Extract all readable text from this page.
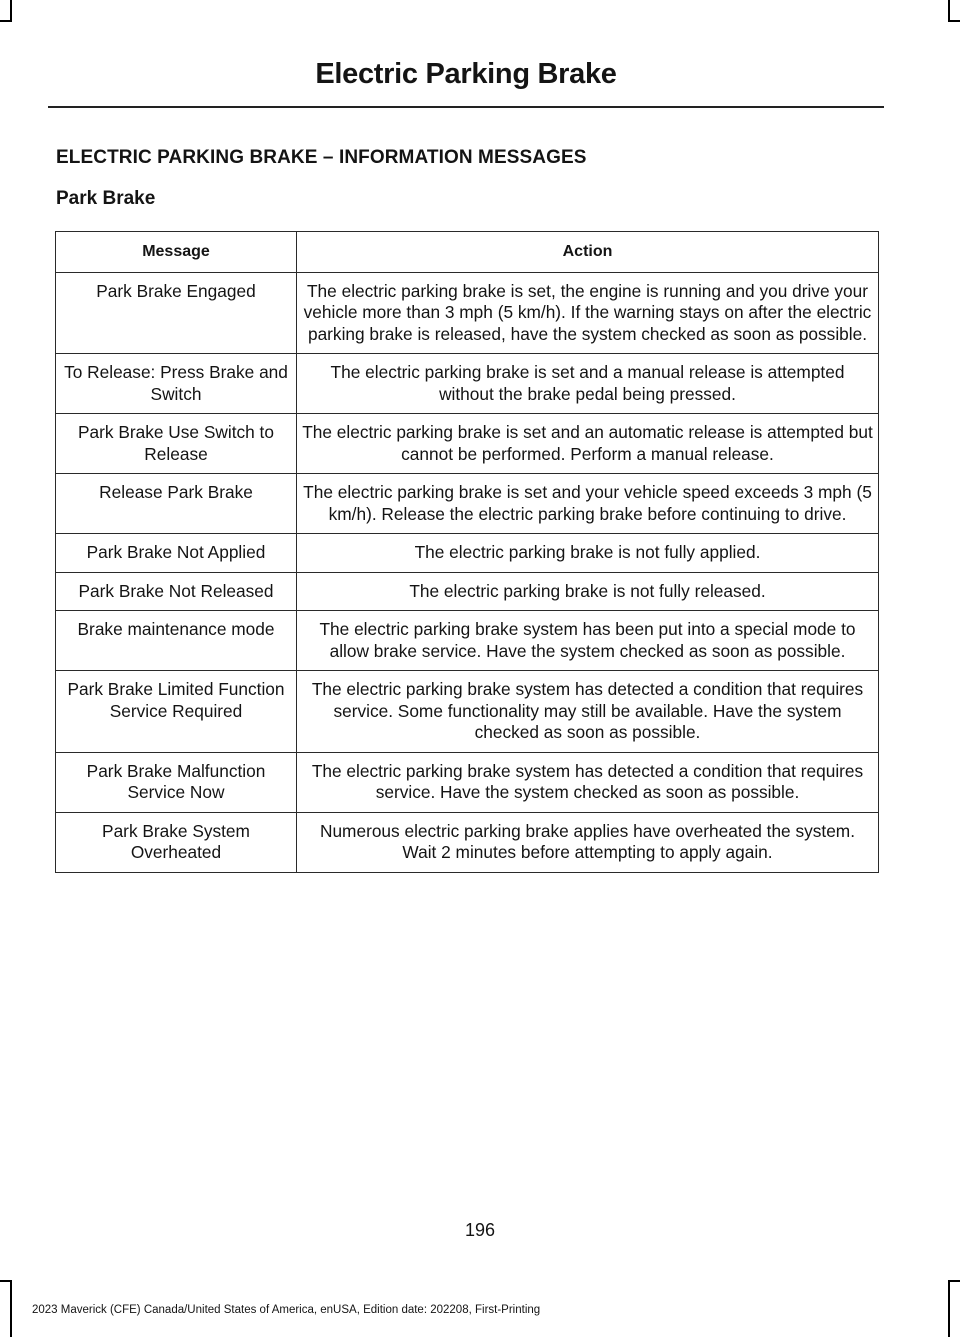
Electric Parking Brake
ELECTRIC PARKING BRAKE – INFORMATION MESSAGES
Park Brake
Message	Action
Park Brake Engaged	The electric parking brake is set, the engine is running and you drive your vehicle more than 3 mph (5 km/h). If the warning stays on after the electric parking brake is released, have the system checked as soon as possible.
To Release: Press Brake and Switch	The electric parking brake is set and a manual release is attempted without the brake pedal being pressed.
Park Brake Use Switch to Release	The electric parking brake is set and an automatic release is attempted but cannot be performed. Perform a manual release.
Release Park Brake	The electric parking brake is set and your vehicle speed exceeds 3 mph (5 km/h). Release the electric parking brake before continuing to drive.
Park Brake Not Applied	The electric parking brake is not fully applied.
Park Brake Not Released	The electric parking brake is not fully released.
Brake maintenance mode	The electric parking brake system has been put into a special mode to allow brake service. Have the system checked as soon as possible.
Park Brake Limited Function Service Required	The electric parking brake system has detected a condition that requires service. Some functionality may still be available. Have the system checked as soon as possible.
Park Brake Malfunction Service Now	The electric parking brake system has detected a condition that requires service. Have the system checked as soon as possible.
Park Brake System Overheated	Numerous electric parking brake applies have overheated the system. Wait 2 minutes before attempting to apply again.
196
2023 Maverick (CFE) Canada/United States of America, enUSA, Edition date: 202208, First-Printing
